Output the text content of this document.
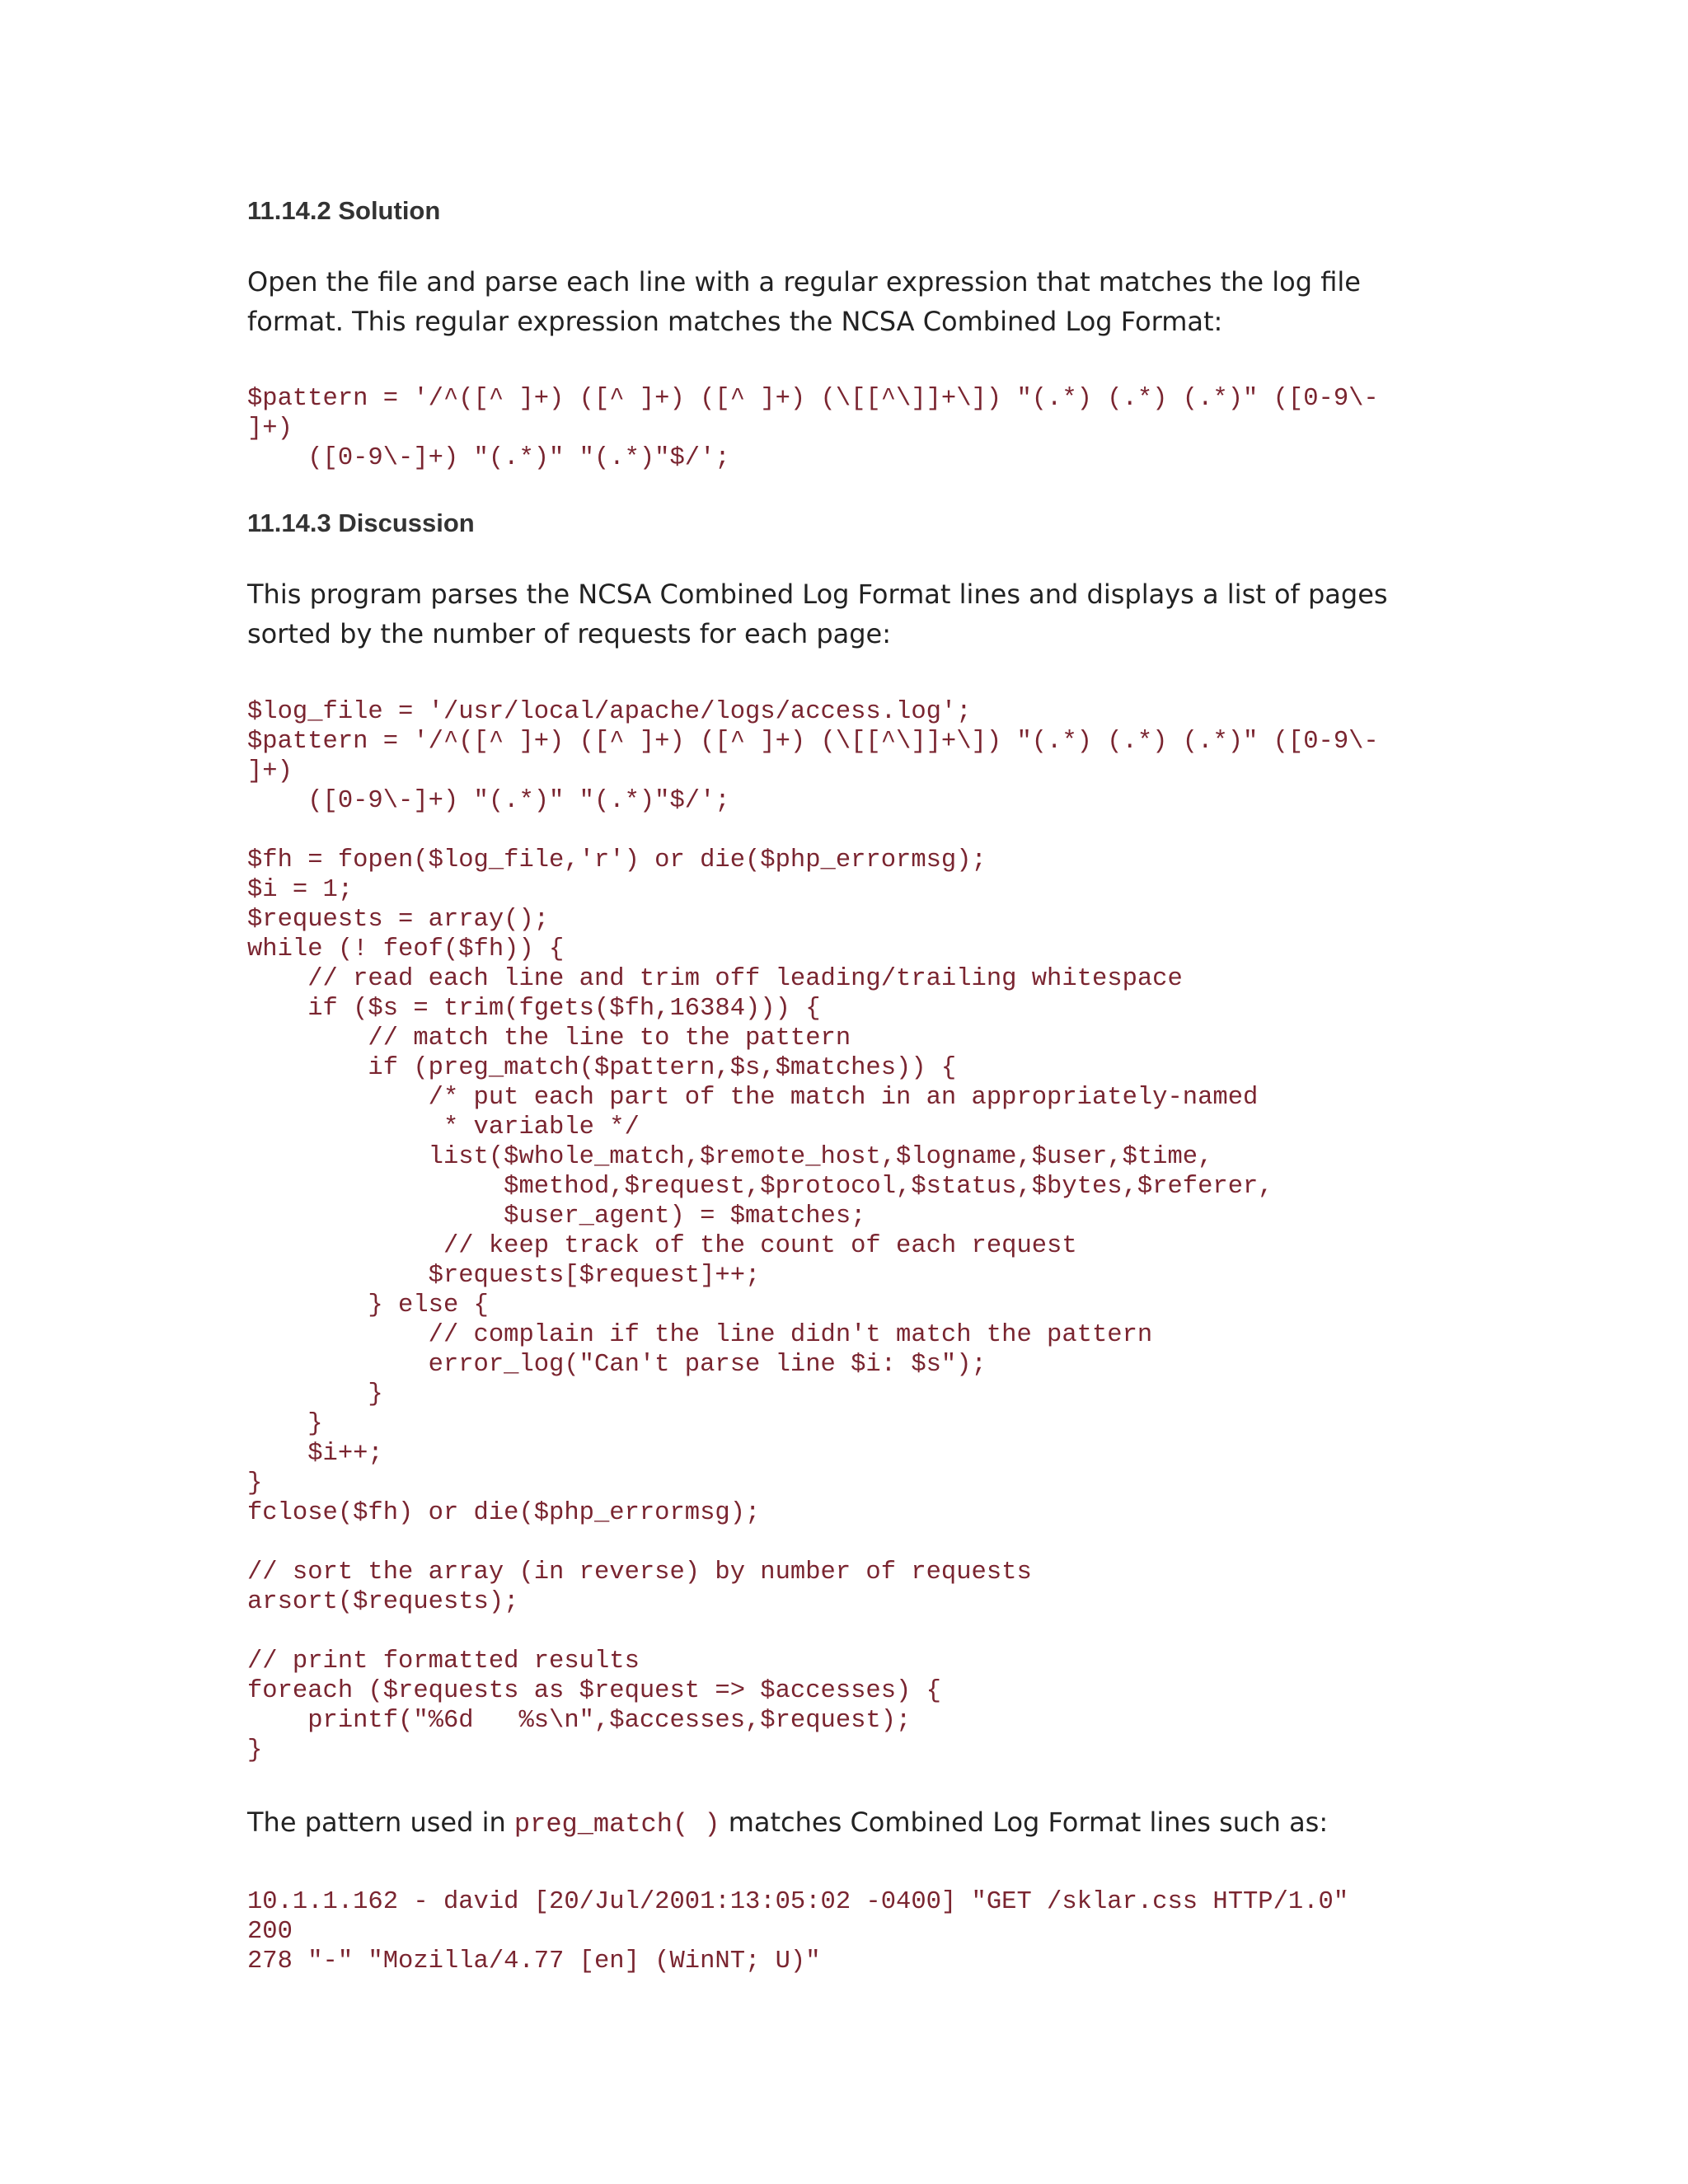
11.14.2 Solution

Open the file and parse each line with a regular expression that matches the log file format. This regular expression matches the NCSA Combined Log Format:

$pattern = '/^([^ ]+) ([^ ]+) ([^ ]+) (\[[^\]]+\]) "(.*) (.*) (.*)" ([0-9\-
]+)
([0-9\-]+) "(.*)" "(.*)"$/';
11.14.3 Discussion

This program parses the NCSA Combined Log Format lines and displays a list of pages sorted by the number of requests for each page:

$log_file = '/usr/local/apache/logs/access.log';
$pattern = '/^([^ ]+) ([^ ]+) ([^ ]+) (\[[^\]]+\]) "(.*) (.*) (.*)" ([0-9\-
]+)
([0-9\-]+) "(.*)" "(.*)"$/';

$fh = fopen($log_file,'r') or die($php_errormsg);
$i = 1;
$requests = array();
while (! feof($fh)) {
// read each line and trim off leading/trailing whitespace
if ($s = trim(fgets($fh,16384))) {
// match the line to the pattern
if (preg_match($pattern,$s,$matches)) {
/* put each part of the match in an appropriately-named
* variable */
list($whole_match,$remote_host,$logname,$user,$time,
$method,$request,$protocol,$status,$bytes,$referer,
$user_agent) = $matches;
// keep track of the count of each request
$requests[$request]++;
} else {
// complain if the line didn't match the pattern
error_log("Can't parse line $i: $s");
}
}
$i++;
}
fclose($fh) or die($php_errormsg);

// sort the array (in reverse) by number of requests
arsort($requests);

// print formatted results
foreach ($requests as $request => $accesses) {
printf("%6d   %s\n",$accesses,$request);
}

The pattern used in preg_match( ) matches Combined Log Format lines such as:

10.1.1.162 - david [20/Jul/2001:13:05:02 -0400] "GET /sklar.css HTTP/1.0"
200
278 "-" "Mozilla/4.77 [en] (WinNT; U)"
